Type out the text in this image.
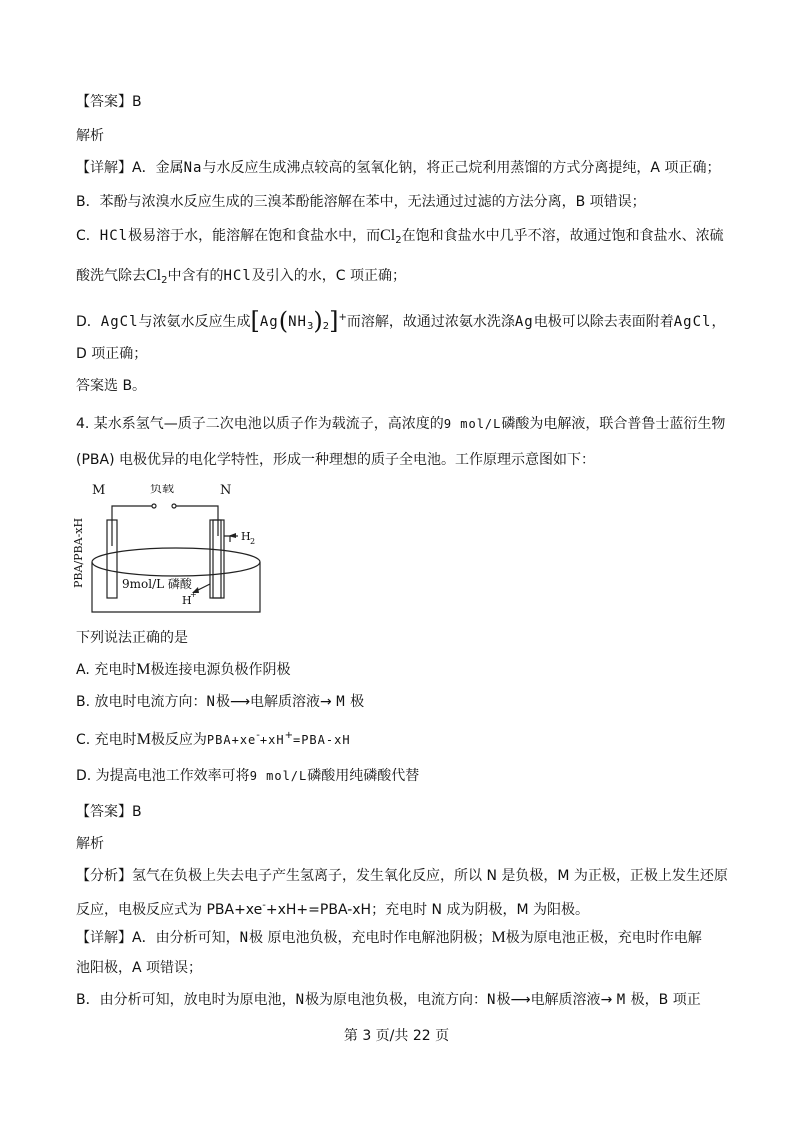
【答案】B
解析
【详解】A．金属Na与水反应生成沸点较高的氢氧化钠，将正己烷利用蒸馏的方式分离提纯，A 项正确；
B．苯酚与浓溴水反应生成的三溴苯酚能溶解在苯中，无法通过过滤的方法分离，B 项错误；
C．HCl极易溶于水，能溶解在饱和食盐水中，而$Cl_2$在饱和食盐水中几乎不溶，故通过饱和食盐水、浓硫
酸洗气除去$Cl_2$中含有的HCl及引入的水，C 项正确；
D．AgCl与浓氨水反应生成$[Ag(NH_3)_2]^+$而溶解，故通过浓氨水洗涤Ag电极可以除去表面附着AgCl，
D 项正确；
答案选 B。
4. 某水系氢气—质子二次电池以质子作为载流子，高浓度的9 mol/L磷酸为电解液，联合普鲁士蓝衍生物
(PBA) 电极优异的电化学特性，形成一种理想的质子全电池。工作原理示意图如下：
M	负载	N
PBA/PBA-xH	H 2
9mol/L 磷酸
H
+
下列说法正确的是
A. 充电时M极连接电源负极作阴极
B. 放电时电流方向：N极⟶电解质溶液→ M 极
C. 充电时M极反应为PBA+xe-+xH+=PBA-xH
D. 为提高电池工作效率可将9 mol/L磷酸用纯磷酸代替
【答案】B
解析
【分析】氢气在负极上失去电子产生氢离子，发生氧化反应，所以 N 是负极，M 为正极，正极上发生还原
反应，电极反应式为 PBA+xe-+xH+=PBA-xH；充电时 N 成为阴极，M 为阳极。
【详解】A．由分析可知，N极 原电池负极，充电时作电解池阴极；M极为原电池正极，充电时作电解
池阳极，A 项错误；
B．由分析可知，放电时为原电池，N极为原电池负极，电流方向：N极⟶电解质溶液→ M 极，B 项正
第 3 页/共 22 页
